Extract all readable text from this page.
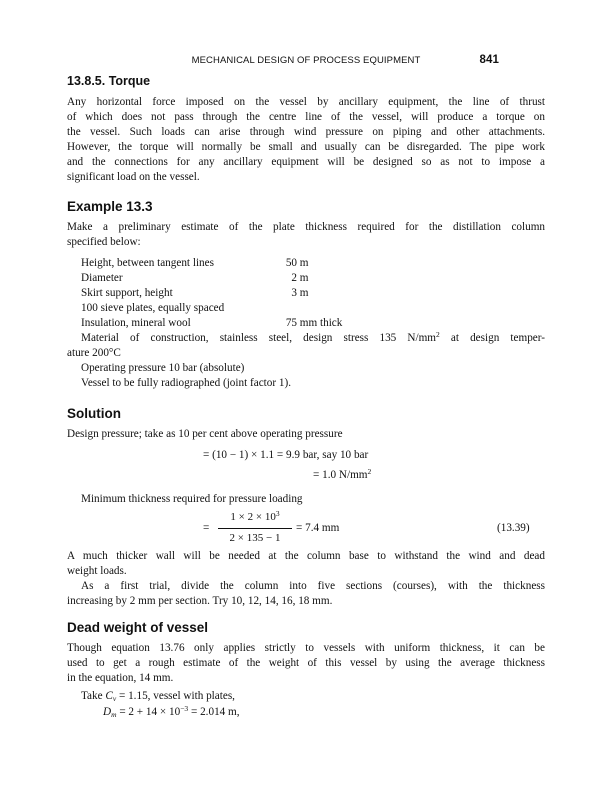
MECHANICAL DESIGN OF PROCESS EQUIPMENT	841
13.8.5. Torque
Any horizontal force imposed on the vessel by ancillary equipment, the line of thrust
of which does not pass through the centre line of the vessel, will produce a torque on
the vessel. Such loads can arise through wind pressure on piping and other attachments.
However, the torque will normally be small and usually can be disregarded. The pipe work
and the connections for any ancillary equipment will be designed so as not to impose a
significant load on the vessel.
Example 13.3
Make a preliminary estimate of the plate thickness required for the distillation column
specified below:
Height, between tangent lines	50 m
Diameter	2 m
Skirt support, height	3 m
100 sieve plates, equally spaced
Insulation, mineral wool	75 mm thick
Material of construction, stainless steel, design stress 135 $N/mm^2$ at design temper-
ature 200°C
Operating pressure 10 bar (absolute)
Vessel to be fully radiographed (joint factor 1).
Solution
Design pressure; take as 10 per cent above operating pressure
= (10 − 1) × 1.1 = 9.9 bar, say 10 bar
= 1.0 $N/mm^2$
Minimum thickness required for pressure loading
=
$1 \times 2 \times 10^3$
2 × 135 − 1
= 7.4 mm	(13.39)
A much thicker wall will be needed at the column base to withstand the wind and dead
weight loads.
As a first trial, divide the column into five sections (courses), with the thickness
increasing by 2 mm per section. Try 10, 12, 14, 16, 18 mm.
Dead weight of vessel
Though equation 13.76 only applies strictly to vessels with uniform thickness, it can be
used to get a rough estimate of the weight of this vessel by using the average thickness
in the equation, 14 mm.
Take $C_v = 1.15$, vessel with plates,
$D_m = 2 + 14 \times 10^{-3} = 2.014$ m,
